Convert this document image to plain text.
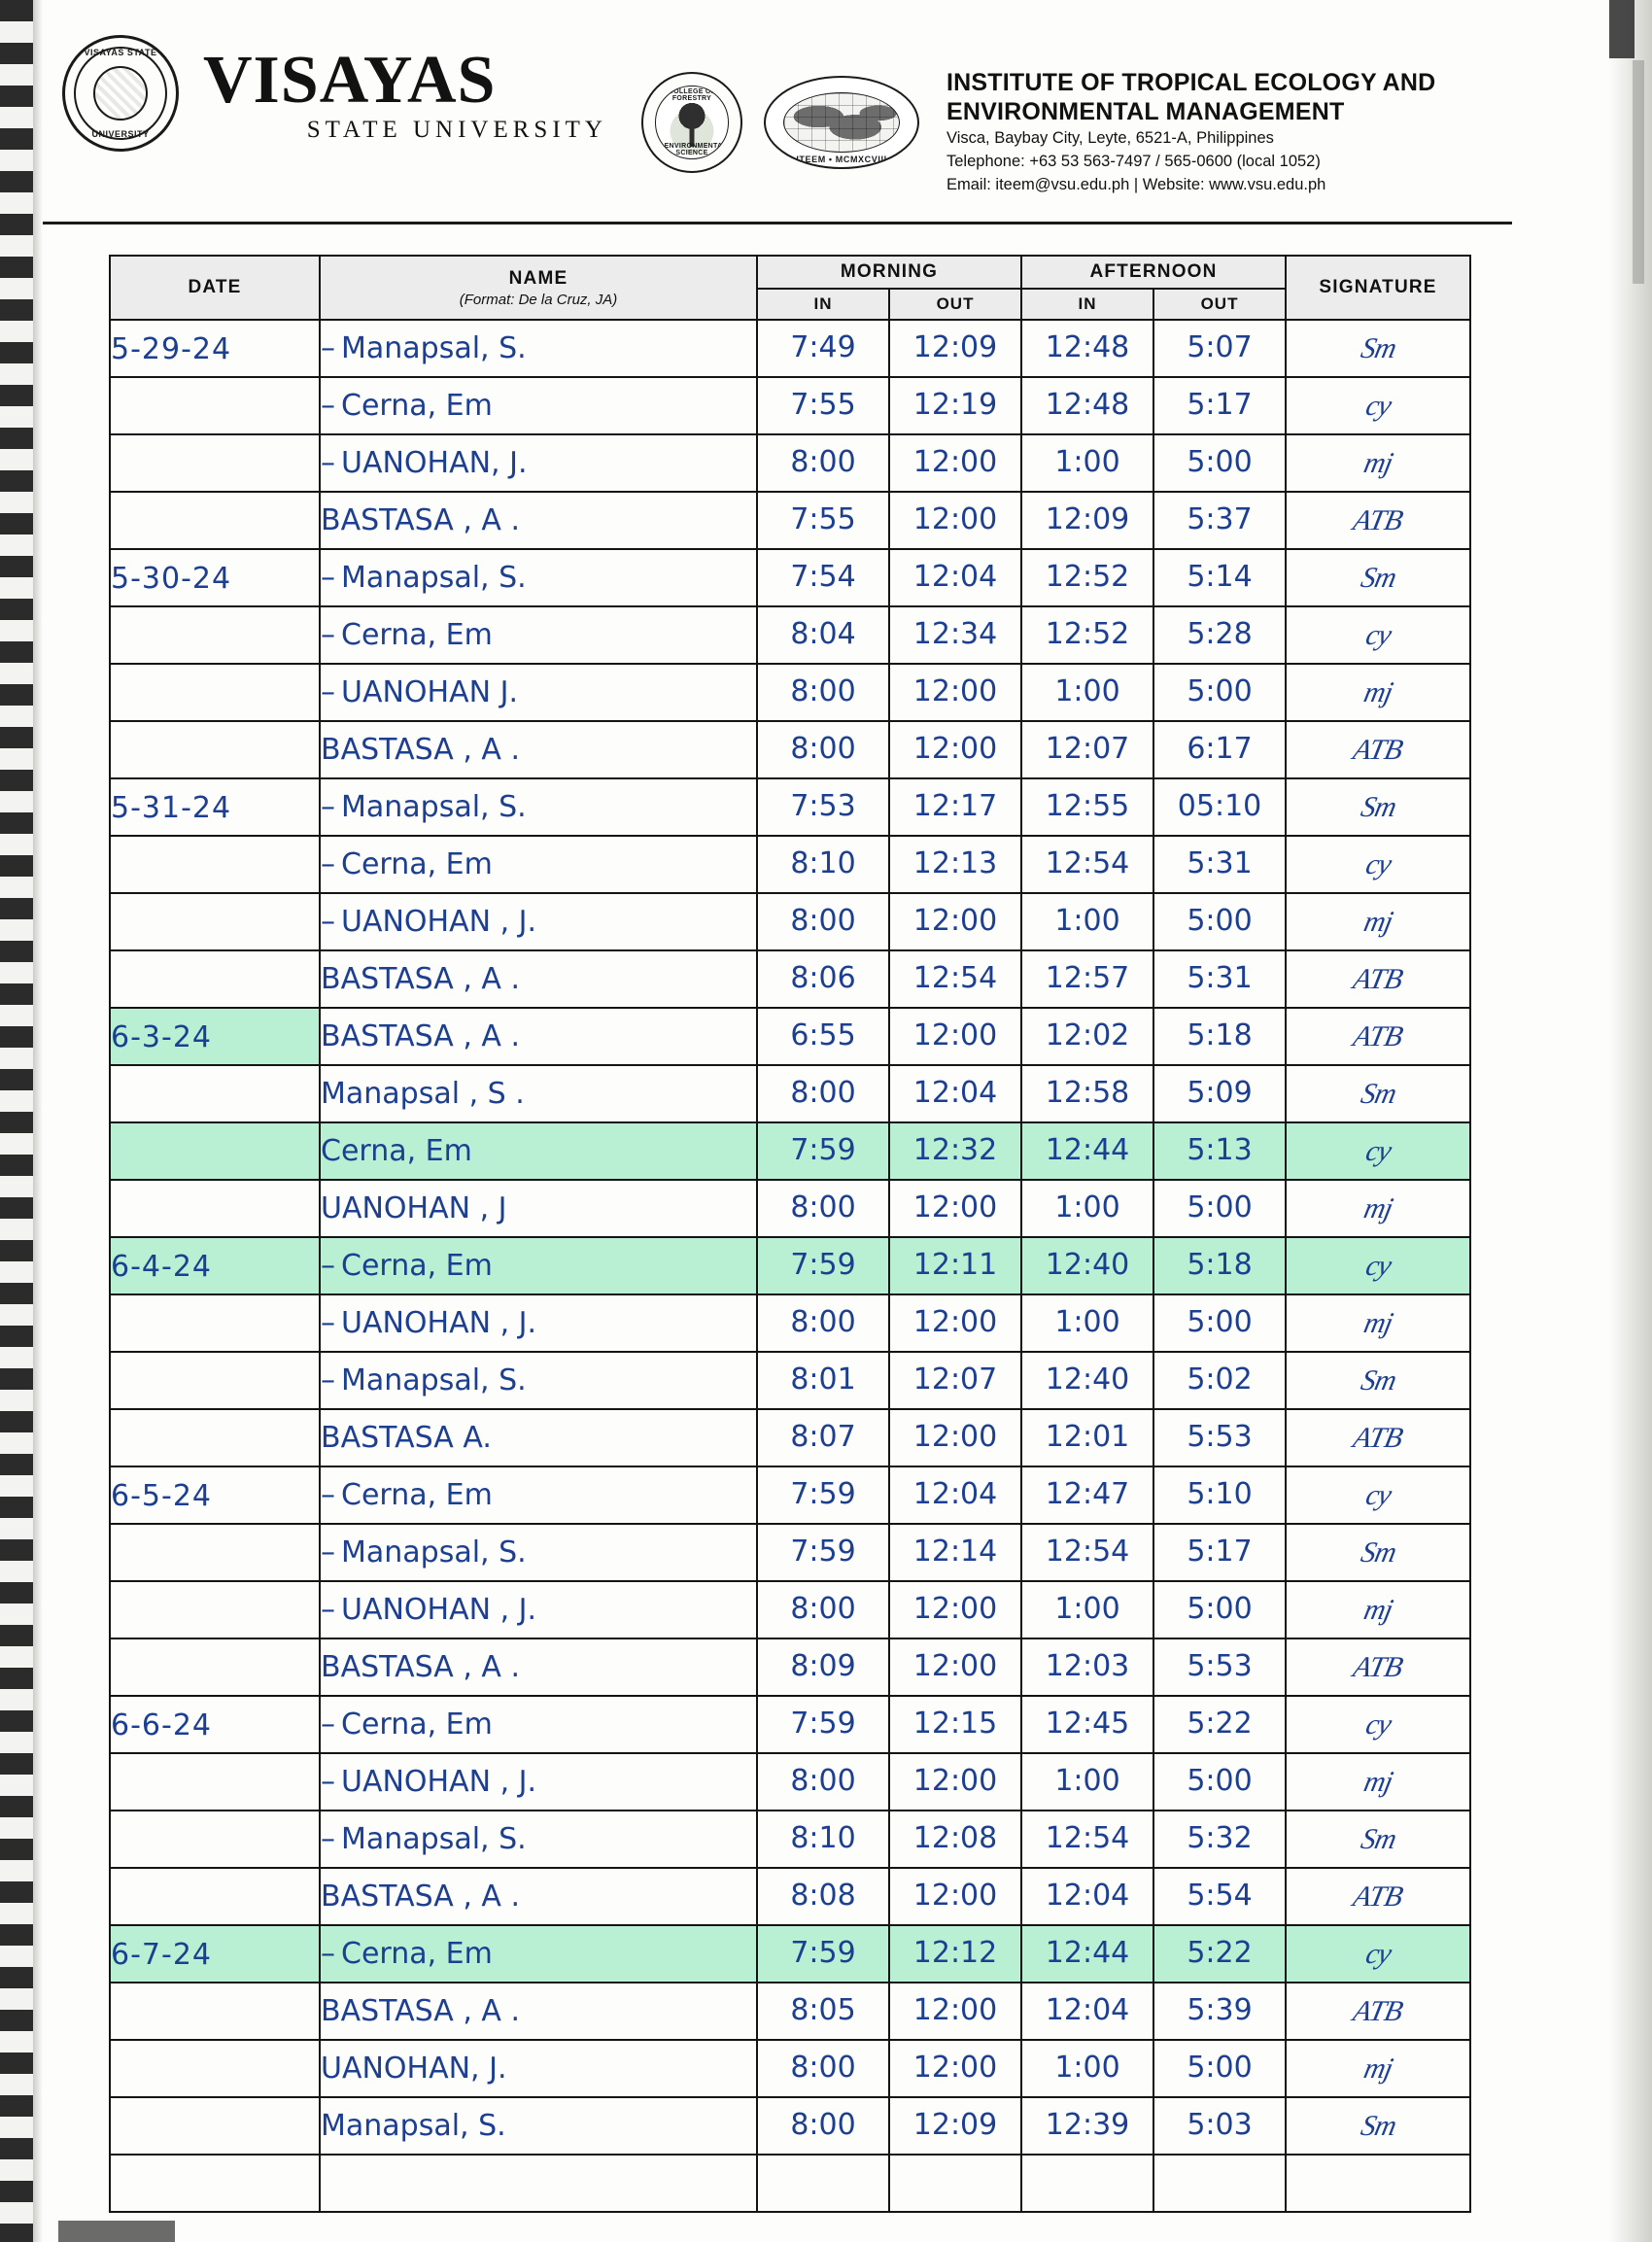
VISAYAS STATE
UNIVERSITY
VISAYAS
STATE UNIVERSITY
COLLEGE OF FORESTRY
& ENVIRONMENTAL SCIENCE
ITEEM • MCMXCVIII
INSTITUTE OF TROPICAL ECOLOGY AND ENVIRONMENTAL MANAGEMENT
Visca, Baybay City, Leyte, 6521-A, Philippines
Telephone: +63 53 563-7497 / 565-0600 (local 1052)
Email: iteem@vsu.edu.ph | Website: www.vsu.edu.ph
DATE	NAME
(Format: De la Cruz, JA)	MORNING		AFTERNOON		SIGNATURE
		IN	OUT	IN	OUT	
5-29-24	– Manapsal, S.	7:49	12:09	12:48	5:07	Sm
	– Cerna, Em	7:55	12:19	12:48	5:17	cy
	– UANOHAN, J.	8:00	12:00	1:00	5:00	mj
	BASTASA , A .	7:55	12:00	12:09	5:37	ATB
5-30-24	– Manapsal, S.	7:54	12:04	12:52	5:14	Sm
	– Cerna, Em	8:04	12:34	12:52	5:28	cy
	– UANOHAN J.	8:00	12:00	1:00	5:00	mj
	BASTASA , A .	8:00	12:00	12:07	6:17	ATB
5-31-24	– Manapsal, S.	7:53	12:17	12:55	05:10	Sm
	– Cerna, Em	8:10	12:13	12:54	5:31	cy
	– UANOHAN , J.	8:00	12:00	1:00	5:00	mj
	BASTASA , A .	8:06	12:54	12:57	5:31	ATB
6-3-24	BASTASA , A .	6:55	12:00	12:02	5:18	ATB
	Manapsal , S .	8:00	12:04	12:58	5:09	Sm
	Cerna, Em	7:59	12:32	12:44	5:13	cy
	UANOHAN , J	8:00	12:00	1:00	5:00	mj
6-4-24	– Cerna, Em	7:59	12:11	12:40	5:18	cy
	– UANOHAN , J.	8:00	12:00	1:00	5:00	mj
	– Manapsal, S.	8:01	12:07	12:40	5:02	Sm
	BASTASA A.	8:07	12:00	12:01	5:53	ATB
6-5-24	– Cerna, Em	7:59	12:04	12:47	5:10	cy
	– Manapsal, S.	7:59	12:14	12:54	5:17	Sm
	– UANOHAN , J.	8:00	12:00	1:00	5:00	mj
	BASTASA , A .	8:09	12:00	12:03	5:53	ATB
6-6-24	– Cerna, Em	7:59	12:15	12:45	5:22	cy
	– UANOHAN , J.	8:00	12:00	1:00	5:00	mj
	– Manapsal, S.	8:10	12:08	12:54	5:32	Sm
	BASTASA , A .	8:08	12:00	12:04	5:54	ATB
6-7-24	– Cerna, Em	7:59	12:12	12:44	5:22	cy
	BASTASA , A .	8:05	12:00	12:04	5:39	ATB
	UANOHAN, J.	8:00	12:00	1:00	5:00	mj
	Manapsal, S.	8:00	12:09	12:39	5:03	Sm
